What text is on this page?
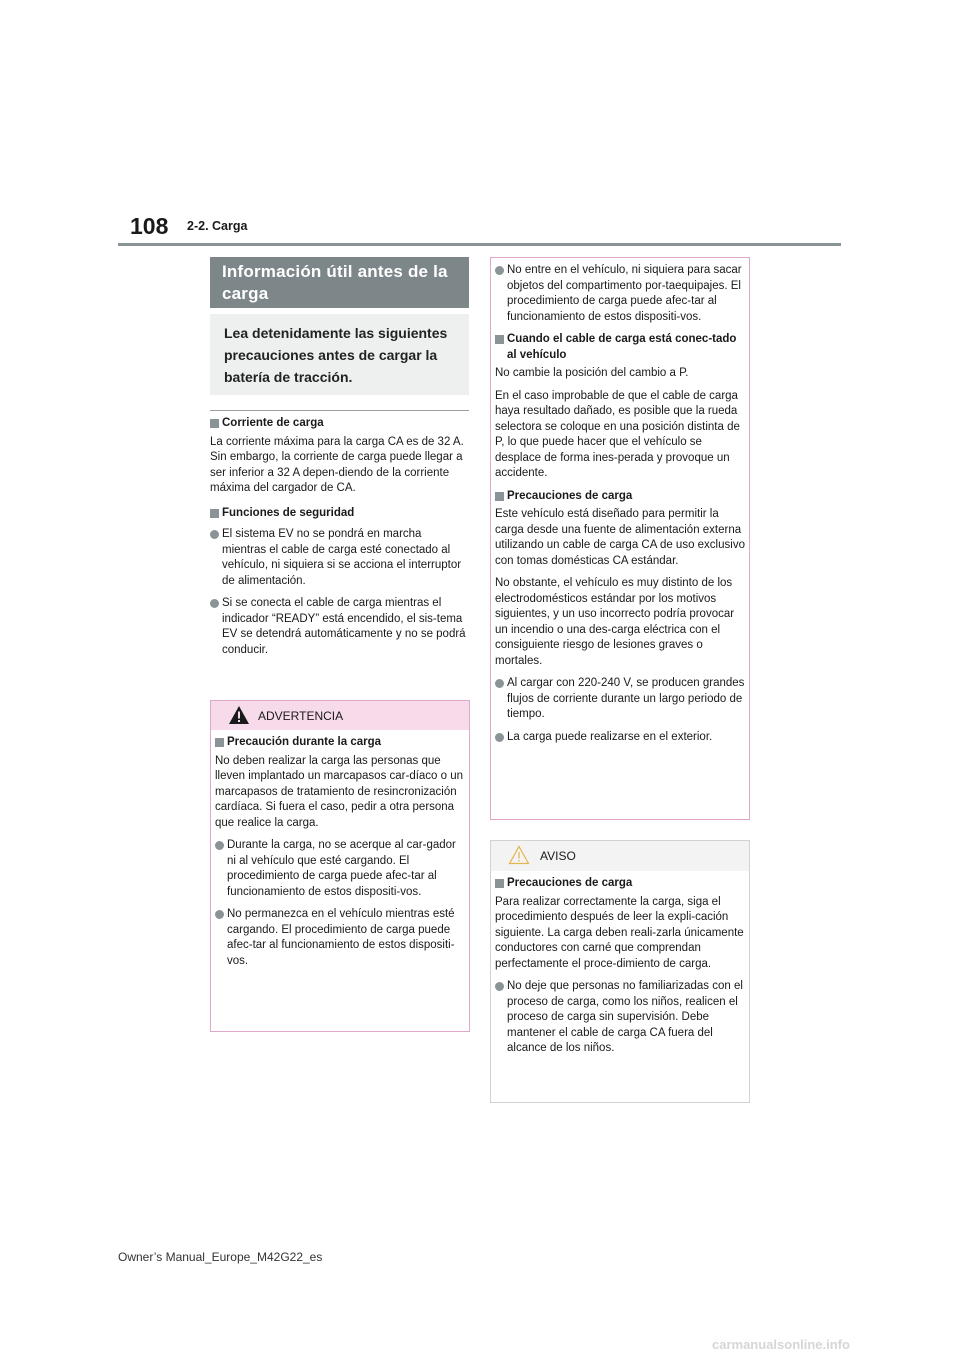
108 2-2. Carga
Información útil antes de la carga
Lea detenidamente las siguientes precauciones antes de cargar la batería de tracción.

Corriente de carga

La corriente máxima para la carga CA es de 32 A. Sin embargo, la corriente de carga puede llegar a ser inferior a 32 A depen-diendo de la corriente máxima del cargador de CA.

Funciones de seguridad

El sistema EV no se pondrá en marcha mientras el cable de carga esté conectado al vehículo, ni siquiera si se acciona el interruptor de alimentación.

Si se conecta el cable de carga mientras el indicador “READY” está encendido, el sis-tema EV se detendrá automáticamente y no se podrá conducir.

ADVERTENCIA

Precaución durante la carga

No deben realizar la carga las personas que lleven implantado un marcapasos car-díaco o un marcapasos de tratamiento de resincronización cardíaca. Si fuera el caso, pedir a otra persona que realice la carga.

Durante la carga, no se acerque al car-gador ni al vehículo que esté cargando. El procedimiento de carga puede afec-tar al funcionamiento de estos dispositi-vos.

No permanezca en el vehículo mientras esté cargando. El procedimiento de carga puede afec-tar al funcionamiento de estos dispositi-vos.

No entre en el vehículo, ni siquiera para sacar objetos del compartimento por-taequipajes. El procedimiento de carga puede afec-tar al funcionamiento de estos dispositi-vos.

Cuando el cable de carga está conec-tado al vehículo

No cambie la posición del cambio a P.

En el caso improbable de que el cable de carga haya resultado dañado, es posible que la rueda selectora se coloque en una posición distinta de P, lo que puede hacer que el vehículo se desplace de forma ines-perada y provoque un accidente.

Precauciones de carga

Este vehículo está diseñado para permitir la carga desde una fuente de alimentación externa utilizando un cable de carga CA de uso exclusivo con tomas domésticas CA estándar.

No obstante, el vehículo es muy distinto de los electrodomésticos estándar por los motivos siguientes, y un uso incorrecto podría provocar un incendio o una des-carga eléctrica con el consiguiente riesgo de lesiones graves o mortales.

Al cargar con 220-240 V, se producen grandes flujos de corriente durante un largo periodo de tiempo.

La carga puede realizarse en el exterior.

AVISO

Precauciones de carga

Para realizar correctamente la carga, siga el procedimiento después de leer la expli-cación siguiente. La carga deben reali-zarla únicamente conductores con carné que comprendan perfectamente el proce-dimiento de carga.

No deje que personas no familiarizadas con el proceso de carga, como los niños, realicen el proceso de carga sin supervisión. Debe mantener el cable de carga CA fuera del alcance de los niños.

Owner’s Manual_Europe_M42G22_es
carmanualsonline.info
